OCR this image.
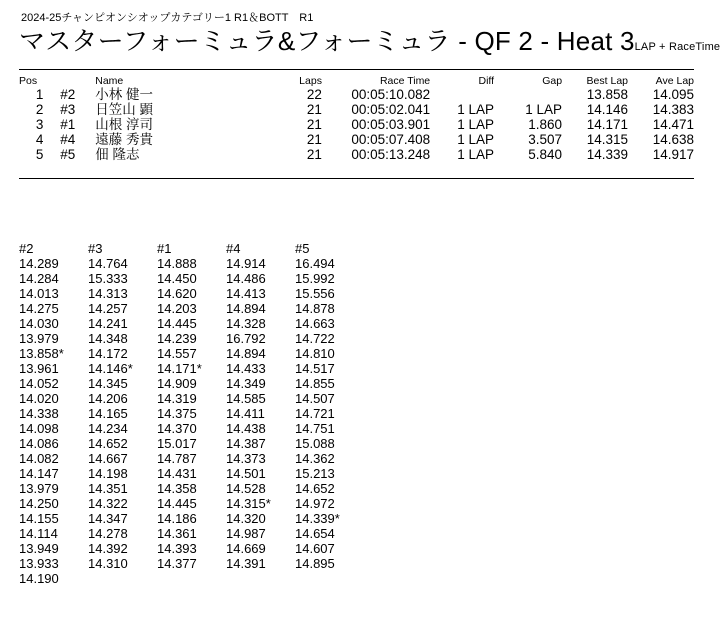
2024-25チャンピオンシオップカテゴリー1 R1＆BOTT　R1
マスターフォーミュラ&フォーミュラ - QF 2 - Heat 3LAP + RaceTime
Pos		Name	Laps	Race Time	Diff	Gap	Best Lap	Ave Lap
1	#2	小林 健一	22	00:05:10.082			13.858	14.095
2	#3	日笠山 顕	21	00:05:02.041	1 LAP	1 LAP	14.146	14.383
3	#1	山根 淳司	21	00:05:03.901	1 LAP	1.860	14.171	14.471
4	#4	遠藤 秀貴	21	00:05:07.408	1 LAP	3.507	14.315	14.638
5	#5	佃 隆志	21	00:05:13.248	1 LAP	5.840	14.339	14.917
#2	#3	#1	#4	#5
14.289	14.764	14.888	14.914	16.494
14.284	15.333	14.450	14.486	15.992
14.013	14.313	14.620	14.413	15.556
14.275	14.257	14.203	14.894	14.878
14.030	14.241	14.445	14.328	14.663
13.979	14.348	14.239	16.792	14.722
13.858*	14.172	14.557	14.894	14.810
13.961	14.146*	14.171*	14.433	14.517
14.052	14.345	14.909	14.349	14.855
14.020	14.206	14.319	14.585	14.507
14.338	14.165	14.375	14.411	14.721
14.098	14.234	14.370	14.438	14.751
14.086	14.652	15.017	14.387	15.088
14.082	14.667	14.787	14.373	14.362
14.147	14.198	14.431	14.501	15.213
13.979	14.351	14.358	14.528	14.652
14.250	14.322	14.445	14.315*	14.972
14.155	14.347	14.186	14.320	14.339*
14.114	14.278	14.361	14.987	14.654
13.949	14.392	14.393	14.669	14.607
13.933	14.310	14.377	14.391	14.895
14.190				
